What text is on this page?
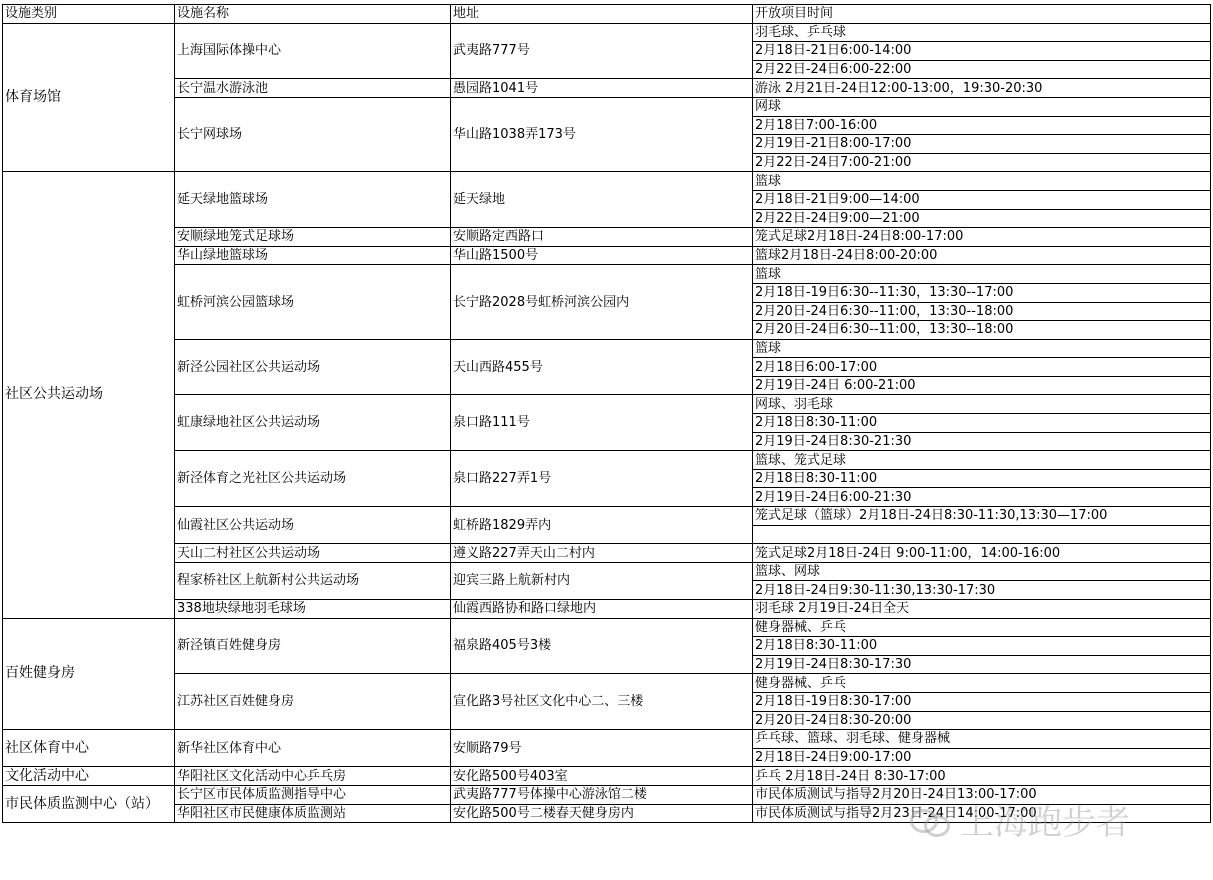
设施类别	设施名称	地址	开放项目时间
体育场馆	上海国际体操中心	武夷路777号	羽毛球、乒乓球
			2月18日-21日6:00-14:00
			2月22日-24日6:00-22:00
	长宁温水游泳池	愚园路1041号	游泳 2月21日-24日12:00-13:00，19:30-20:30
	长宁网球场	华山路1038弄173号	网球
			2月18日7:00-16:00
			2月19日-21日8:00-17:00
			2月22日-24日7:00-21:00
社区公共运动场	延天绿地篮球场	延天绿地	篮球
			2月18日-21日9:00—14:00
			2月22日-24日9:00—21:00
	安顺绿地笼式足球场	安顺路定西路口	笼式足球2月18日-24日8:00-17:00
	华山绿地篮球场	华山路1500号	篮球2月18日-24日8:00-20:00
	虹桥河滨公园篮球场	长宁路2028号虹桥河滨公园内	篮球
			2月18日-19日6:30--11:30，13:30--17:00
			2月20日-24日6:30--11:00，13:30--18:00
			2月20日-24日6:30--11:00，13:30--18:00
	新泾公园社区公共运动场	天山西路455号	篮球
			2月18日6:00-17:00
			2月19日-24日 6:00-21:00
	虹康绿地社区公共运动场	泉口路111号	网球、羽毛球
			2月18日8:30-11:00
			2月19日-24日8:30-21:30
	新泾体育之光社区公共运动场	泉口路227弄1号	篮球、笼式足球
			2月18日8:30-11:00
			2月19日-24日6:00-21:30
	仙霞社区公共运动场	虹桥路1829弄内	笼式足球（篮球）2月18日-24日8:30-11:30,13:30—17:00

	天山二村社区公共运动场	遵义路227弄天山二村内	笼式足球2月18日-24日 9:00-11:00，14:00-16:00
	程家桥社区上航新村公共运动场	迎宾三路上航新村内	篮球、网球
			2月18日-24日9:30-11:30,13:30-17:30
	338地块绿地羽毛球场	仙霞西路协和路口绿地内	羽毛球 2月19日-24日全天
百姓健身房	新泾镇百姓健身房	福泉路405号3楼	健身器械、乒乓
			2月18日8:30-11:00
			2月19日-24日8:30-17:30
	江苏社区百姓健身房	宣化路3号社区文化中心二、三楼	健身器械、乒乓
			2月18日-19日8:30-17:00
			2月20日-24日8:30-20:00
社区体育中心	新华社区体育中心	安顺路79号	乒乓球、篮球、羽毛球、健身器械
			2月18日-24日9:00-17:00
文化活动中心	华阳社区文化活动中心乒乓房	安化路500号403室	乒乓 2月18日-24日 8:30-17:00
市民体质监测中心（站）	长宁区市民体质监测指导中心	武夷路777号体操中心游泳馆二楼	市民体质测试与指导2月20日-24日13:00-17:00
	华阳社区市民健康体质监测站	安化路500号二楼春天健身房内	市民体质测试与指导2月23日-24日14:00-17:00
上海跑步者
